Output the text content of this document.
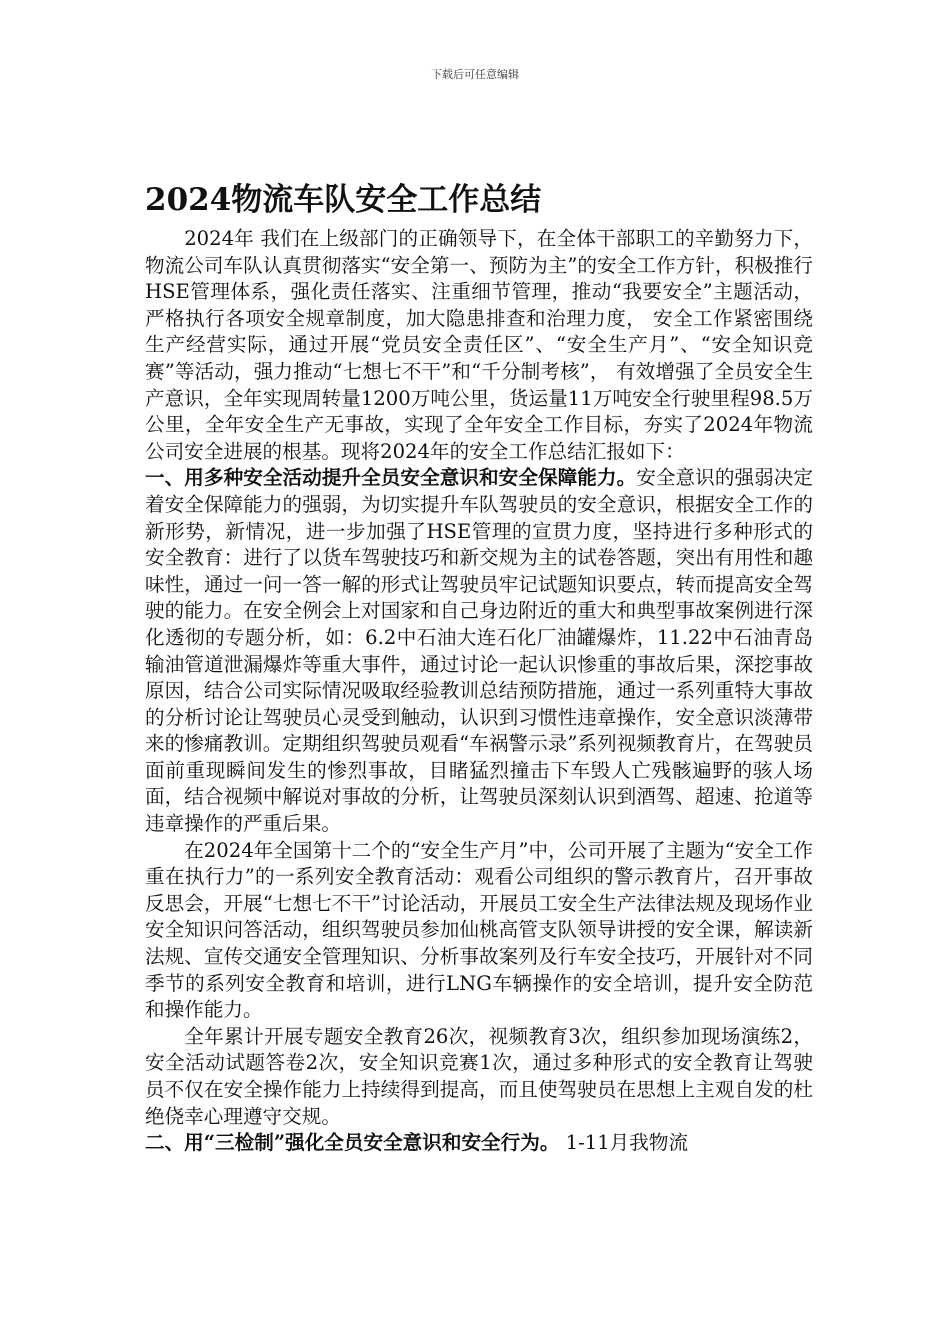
下载后可任意编辑
2024物流车队安全工作总结

2024年 我们在上级部门的正确领导下，在全体干部职工的辛勤努力下，物流公司车队认真贯彻落实“安全第一、预防为主”的安全工作方针，积极推行HSE管理体系，强化责任落实、注重细节管理，推动“我要安全”主题活动，严格执行各项安全规章制度，加大隐患排查和治理力度， 安全工作紧密围绕生产经营实际，通过开展“党员安全责任区”、“安全生产月”、“安全知识竞赛”等活动，强力推动“七想七不干”和“千分制考核”， 有效增强了全员安全生产意识，全年实现周转量1200万吨公里，货运量11万吨安全行驶里程98.5万公里，全年安全生产无事故，实现了全年安全工作目标，夯实了2024年物流公司安全进展的根基。现将2024年的安全工作总结汇报如下：

一、用多种安全活动提升全员安全意识和安全保障能力。安全意识的强弱决定着安全保障能力的强弱，为切实提升车队驾驶员的安全意识，根据安全工作的新形势，新情况，进一步加强了HSE管理的宣贯力度，坚持进行多种形式的安全教育：进行了以货车驾驶技巧和新交规为主的试卷答题，突出有用性和趣味性，通过一问一答一解的形式让驾驶员牢记试题知识要点，转而提高安全驾驶的能力。在安全例会上对国家和自己身边附近的重大和典型事故案例进行深化透彻的专题分析，如：6.2中石油大连石化厂油罐爆炸，11.22中石油青岛输油管道泄漏爆炸等重大事件，通过讨论一起认识惨重的事故后果，深挖事故原因，结合公司实际情况吸取经验教训总结预防措施，通过一系列重特大事故的分析讨论让驾驶员心灵受到触动，认识到习惯性违章操作，安全意识淡薄带来的惨痛教训。定期组织驾驶员观看“车祸警示录”系列视频教育片，在驾驶员面前重现瞬间发生的惨烈事故，目睹猛烈撞击下车毁人亡残骸遍野的骇人场面，结合视频中解说对事故的分析，让驾驶员深刻认识到酒驾、超速、抢道等违章操作的严重后果。

在2024年全国第十二个的“安全生产月”中，公司开展了主题为“安全工作重在执行力”的一系列安全教育活动：观看公司组织的警示教育片，召开事故反思会，开展“七想七不干”讨论活动，开展员工安全生产法律法规及现场作业安全知识问答活动，组织驾驶员参加仙桃高管支队领导讲授的安全课，解读新法规、宣传交通安全管理知识、分析事故案列及行车安全技巧，开展针对不同季节的系列安全教育和培训，进行LNG车辆操作的安全培训，提升安全防范和操作能力。

全年累计开展专题安全教育26次，视频教育3次，组织参加现场演练2，安全活动试题答卷2次，安全知识竞赛1次，通过多种形式的安全教育让驾驶员不仅在安全操作能力上持续得到提高，而且使驾驶员在思想上主观自发的杜绝侥幸心理遵守交规。

二、用“三检制”强化全员安全意识和安全行为。 1-11月我物流
